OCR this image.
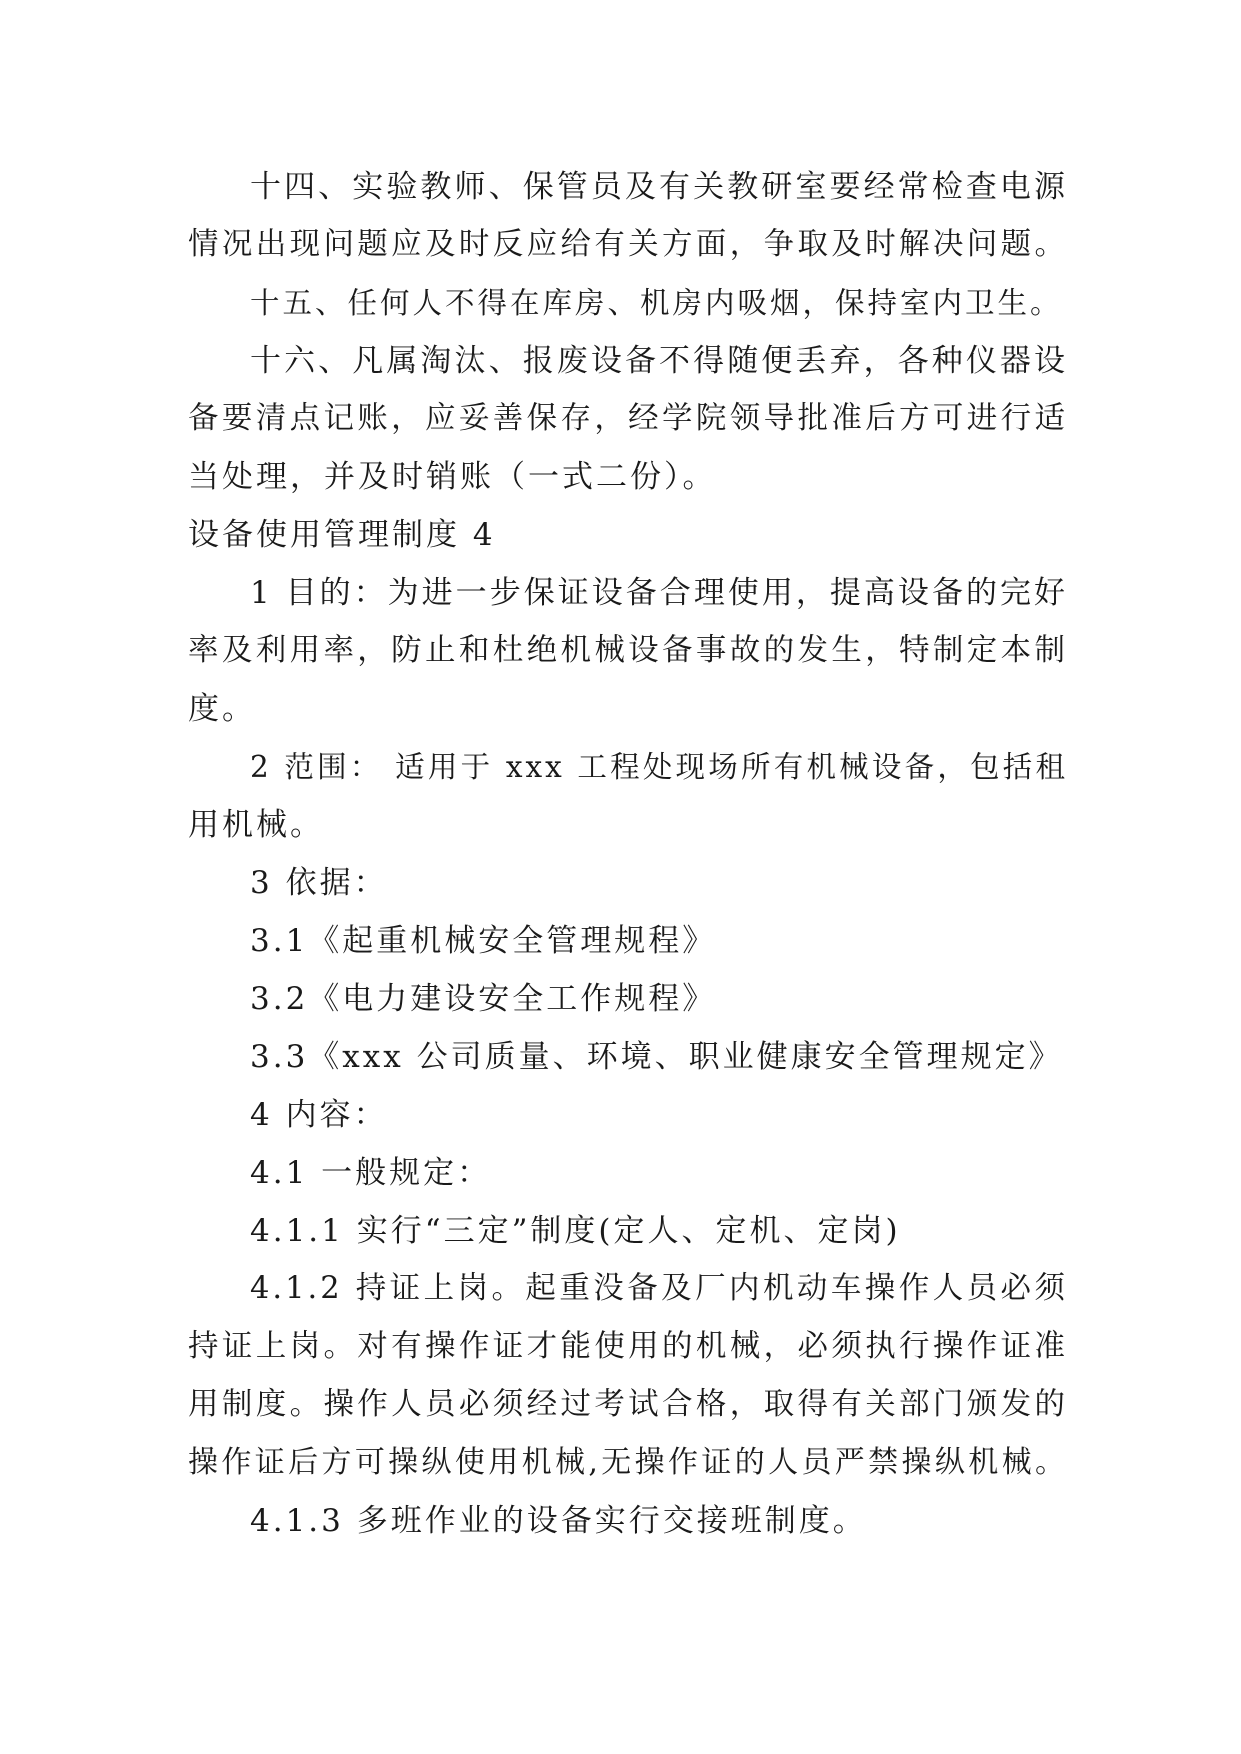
十四、实验教师、保管员及有关教研室要经常检查电源
情况出现问题应及时反应给有关方面，争取及时解决问题。
十五、任何人不得在库房、机房内吸烟，保持室内卫生。
十六、凡属淘汰、报废设备不得随便丢弃，各种仪器设
备要清点记账，应妥善保存，经学院领导批准后方可进行适
当处理，并及时销账（一式二份）。
设备使用管理制度 4
1 目的：为进一步保证设备合理使用，提高设备的完好
率及利用率，防止和杜绝机械设备事故的发生，特制定本制
度。
2 范围： 适用于 xxx 工程处现场所有机械设备，包括租
用机械。
3 依据：
3.1《起重机械安全管理规程》
3.2《电力建设安全工作规程》
3.3《xxx 公司质量、环境、职业健康安全管理规定》
4 内容：
4.1 一般规定：
4.1.1 实行“三定”制度(定人、定机、定岗)
4.1.2 持证上岗。起重没备及厂内机动车操作人员必须
持证上岗。对有操作证才能使用的机械，必须执行操作证准
用制度。操作人员必须经过考试合格，取得有关部门颁发的
操作证后方可操纵使用机械,无操作证的人员严禁操纵机械。
4.1.3 多班作业的设备实行交接班制度。
